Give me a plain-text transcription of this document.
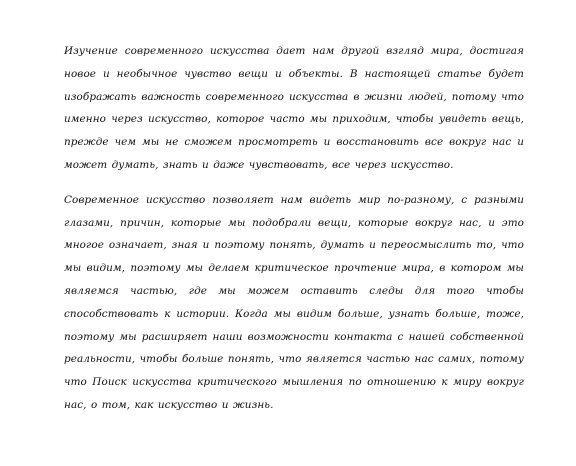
Изучение современного искусства дает нам другой взгляд мира, достигая новое и необычное чувство вещи и объекты. В настоящей статье будет изображать важность современного искусства в жизни людей, потому что именно через искусство, которое часто мы приходим, чтобы увидеть вещь, прежде чем мы не сможем просмотреть и восстановить все вокруг нас и может думать, знать и даже чувствовать, все через искусство.

Современное искусство позволяет нам видеть мир по-разному, с разными глазами, причин, которые мы подобрали вещи, которые вокруг нас, и это многое означает, зная и поэтому понять, думать и переосмыслить то, что мы видим, поэтому мы делаем критическое прочтение мира, в котором мы являемся частью, где мы можем оставить следы для того чтобы способствовать к истории. Когда мы видим больше, узнать больше, тоже, поэтому мы расширяет наши возможности контакта с нашей собственной реальности, чтобы больше понять, что является частью нас самих, потому что Поиск искусства критического мышления по отношению к миру вокруг нас, о том, как искусство и жизнь.
